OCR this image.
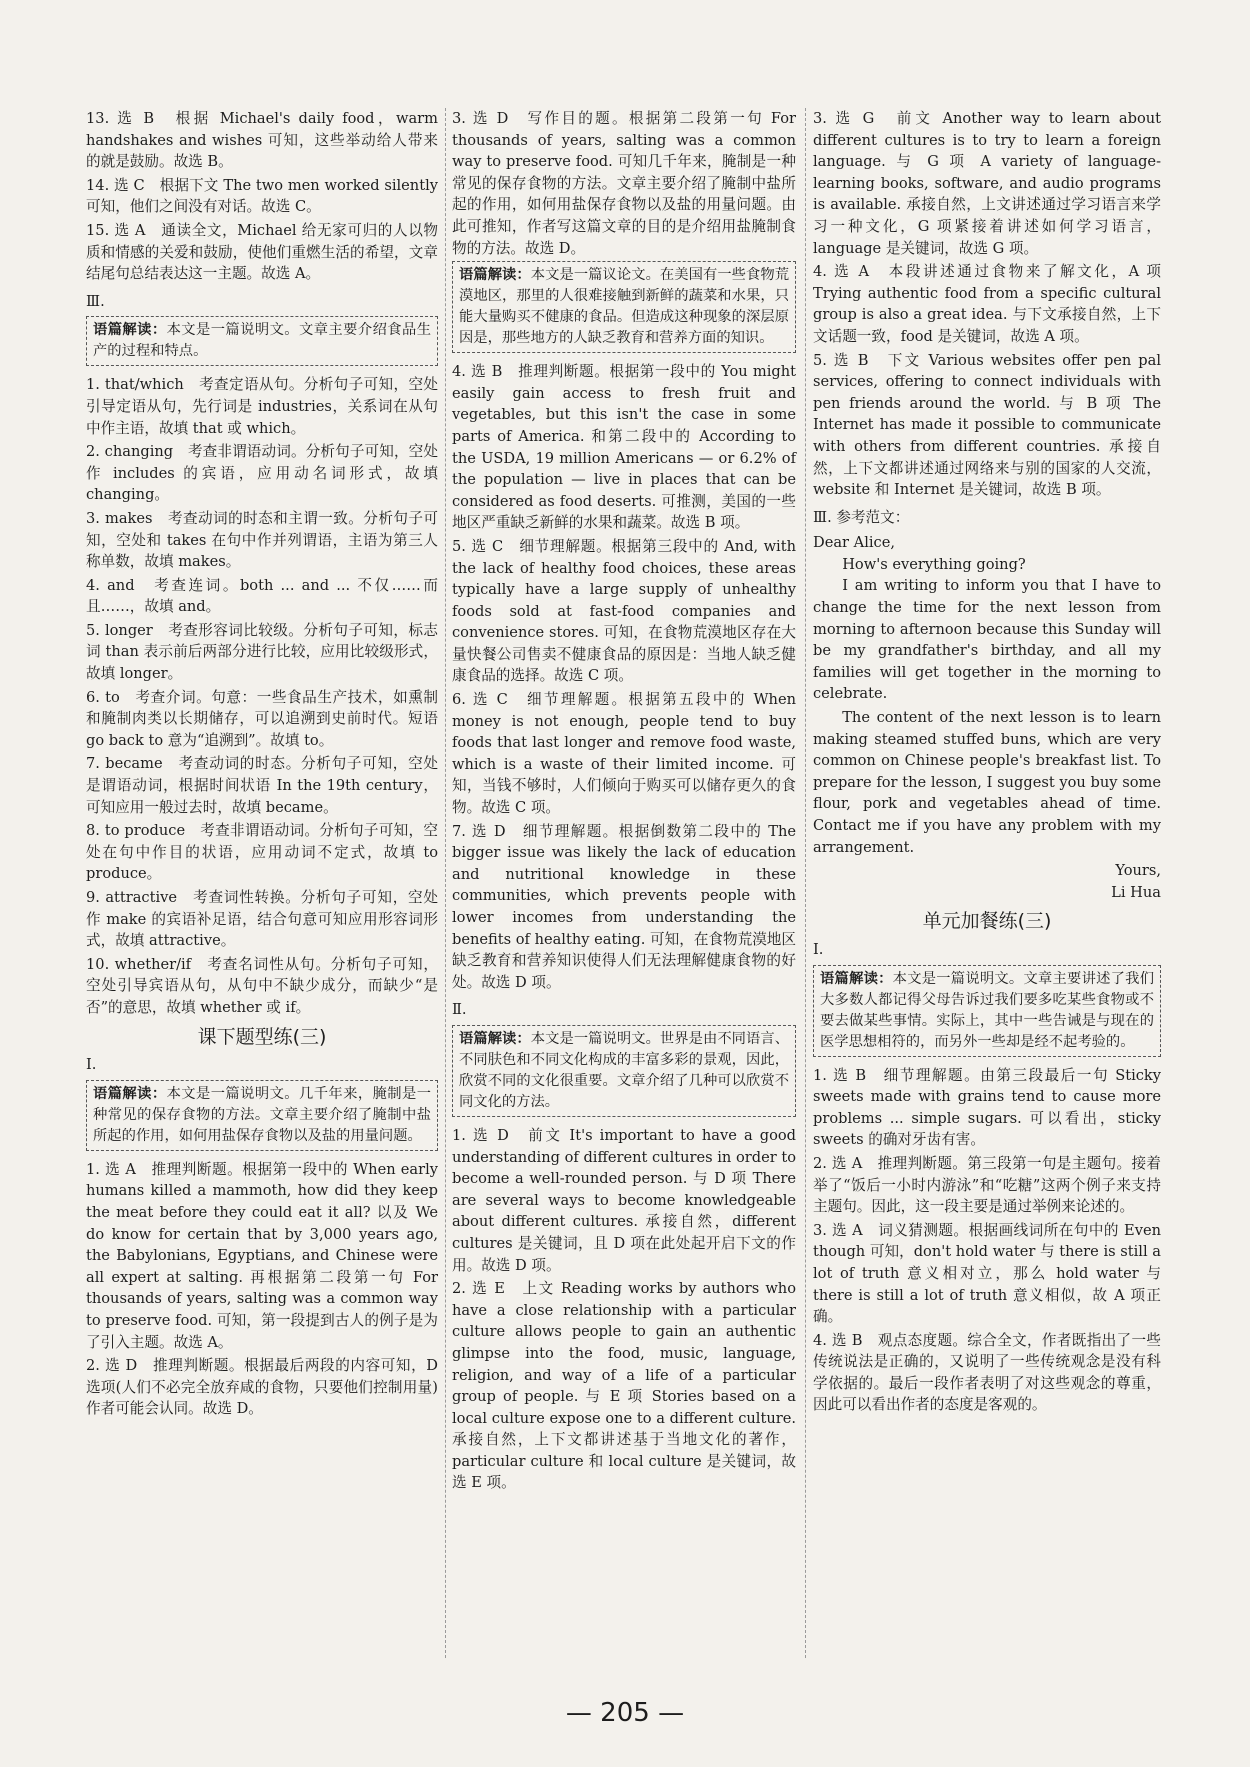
13. 选 B　根据 Michael's daily food，warm handshakes and wishes 可知，这些举动给人带来的就是鼓励。故选 B。
14. 选 C　根据下文 The two men worked silently 可知，他们之间没有对话。故选 C。
15. 选 A　通读全文，Michael 给无家可归的人以物质和情感的关爱和鼓励，使他们重燃生活的希望，文章结尾句总结表达这一主题。故选 A。
Ⅲ.
语篇解读：本文是一篇说明文。文章主要介绍食品生产的过程和特点。
1. that/which　考查定语从句。分析句子可知，空处引导定语从句，先行词是 industries，关系词在从句中作主语，故填 that 或 which。
2. changing　考查非谓语动词。分析句子可知，空处作 includes 的宾语，应用动名词形式，故填 changing。
3. makes　考查动词的时态和主谓一致。分析句子可知，空处和 takes 在句中作并列谓语，主语为第三人称单数，故填 makes。
4. and　考查连词。both ... and ... 不仅……而且……，故填 and。
5. longer　考查形容词比较级。分析句子可知，标志词 than 表示前后两部分进行比较，应用比较级形式，故填 longer。
6. to　考查介词。句意：一些食品生产技术，如熏制和腌制肉类以长期储存，可以追溯到史前时代。短语 go back to 意为“追溯到”。故填 to。
7. became　考查动词的时态。分析句子可知，空处是谓语动词，根据时间状语 In the 19th century，可知应用一般过去时，故填 became。
8. to produce　考查非谓语动词。分析句子可知，空处在句中作目的状语，应用动词不定式，故填 to produce。
9. attractive　考查词性转换。分析句子可知，空处作 make 的宾语补足语，结合句意可知应用形容词形式，故填 attractive。
10. whether/if　考查名词性从句。分析句子可知，空处引导宾语从句，从句中不缺少成分，而缺少“是否”的意思，故填 whether 或 if。
课下题型练(三)
Ⅰ.
语篇解读：本文是一篇说明文。几千年来，腌制是一种常见的保存食物的方法。文章主要介绍了腌制中盐所起的作用，如何用盐保存食物以及盐的用量问题。
1. 选 A　推理判断题。根据第一段中的 When early humans killed a mammoth, how did they keep the meat before they could eat it all? 以及 We do know for certain that by 3,000 years ago, the Babylonians, Egyptians, and Chinese were all expert at salting. 再根据第二段第一句 For thousands of years, salting was a common way to preserve food. 可知，第一段提到古人的例子是为了引入主题。故选 A。
2. 选 D　推理判断题。根据最后两段的内容可知，D 选项(人们不必完全放弃咸的食物，只要他们控制用量)作者可能会认同。故选 D。
3. 选 D　写作目的题。根据第二段第一句 For thousands of years, salting was a common way to preserve food. 可知几千年来，腌制是一种常见的保存食物的方法。文章主要介绍了腌制中盐所起的作用，如何用盐保存食物以及盐的用量问题。由此可推知，作者写这篇文章的目的是介绍用盐腌制食物的方法。故选 D。
语篇解读：本文是一篇议论文。在美国有一些食物荒漠地区，那里的人很难接触到新鲜的蔬菜和水果，只能大量购买不健康的食品。但造成这种现象的深层原因是，那些地方的人缺乏教育和营养方面的知识。
4. 选 B　推理判断题。根据第一段中的 You might easily gain access to fresh fruit and vegetables, but this isn't the case in some parts of America. 和第二段中的 According to the USDA, 19 million Americans — or 6.2% of the population — live in places that can be considered as food deserts. 可推测，美国的一些地区严重缺乏新鲜的水果和蔬菜。故选 B 项。
5. 选 C　细节理解题。根据第三段中的 And, with the lack of healthy food choices, these areas typically have a large supply of unhealthy foods sold at fast-food companies and convenience stores. 可知，在食物荒漠地区存在大量快餐公司售卖不健康食品的原因是：当地人缺乏健康食品的选择。故选 C 项。
6. 选 C　细节理解题。根据第五段中的 When money is not enough, people tend to buy foods that last longer and remove food waste, which is a waste of their limited income. 可知，当钱不够时，人们倾向于购买可以储存更久的食物。故选 C 项。
7. 选 D　细节理解题。根据倒数第二段中的 The bigger issue was likely the lack of education and nutritional knowledge in these communities, which prevents people with lower incomes from understanding the benefits of healthy eating. 可知，在食物荒漠地区缺乏教育和营养知识使得人们无法理解健康食物的好处。故选 D 项。
Ⅱ.
语篇解读：本文是一篇说明文。世界是由不同语言、不同肤色和不同文化构成的丰富多彩的景观，因此，欣赏不同的文化很重要。文章介绍了几种可以欣赏不同文化的方法。
1. 选 D　前文 It's important to have a good understanding of different cultures in order to become a well-rounded person. 与 D 项 There are several ways to become knowledgeable about different cultures. 承接自然，different cultures 是关键词，且 D 项在此处起开启下文的作用。故选 D 项。
2. 选 E　上文 Reading works by authors who have a close relationship with a particular culture allows people to gain an authentic glimpse into the food, music, language, religion, and way of a life of a particular group of people. 与 E 项 Stories based on a local culture expose one to a different culture. 承接自然，上下文都讲述基于当地文化的著作，particular culture 和 local culture 是关键词，故选 E 项。
3. 选 G　前文 Another way to learn about different cultures is to try to learn a foreign language. 与 G 项 A variety of language-learning books, software, and audio programs is available. 承接自然，上文讲述通过学习语言来学习一种文化，G 项紧接着讲述如何学习语言，language 是关键词，故选 G 项。
4. 选 A　本段讲述通过食物来了解文化，A 项 Trying authentic food from a specific cultural group is also a great idea. 与下文承接自然，上下文话题一致，food 是关键词，故选 A 项。
5. 选 B　下文 Various websites offer pen pal services, offering to connect individuals with pen friends around the world. 与 B 项 The Internet has made it possible to communicate with others from different countries. 承接自然，上下文都讲述通过网络来与别的国家的人交流，website 和 Internet 是关键词，故选 B 项。
Ⅲ. 参考范文：
Dear Alice,
How's everything going?
I am writing to inform you that I have to change the time for the next lesson from morning to afternoon because this Sunday will be my grandfather's birthday, and all my families will get together in the morning to celebrate.
The content of the next lesson is to learn making steamed stuffed buns, which are very common on Chinese people's breakfast list. To prepare for the lesson, I suggest you buy some flour, pork and vegetables ahead of time. Contact me if you have any problem with my arrangement.
Yours,
Li Hua
单元加餐练(三)
Ⅰ.
语篇解读：本文是一篇说明文。文章主要讲述了我们大多数人都记得父母告诉过我们要多吃某些食物或不要去做某些事情。实际上，其中一些告诫是与现在的医学思想相符的，而另外一些却是经不起考验的。
1. 选 B　细节理解题。由第三段最后一句 Sticky sweets made with grains tend to cause more problems ... simple sugars. 可以看出，sticky sweets 的确对牙齿有害。
2. 选 A　推理判断题。第三段第一句是主题句。接着举了“饭后一小时内游泳”和“吃糖”这两个例子来支持主题句。因此，这一段主要是通过举例来论述的。
3. 选 A　词义猜测题。根据画线词所在句中的 Even though 可知，don't hold water 与 there is still a lot of truth 意义相对立，那么 hold water 与 there is still a lot of truth 意义相似，故 A 项正确。
4. 选 B　观点态度题。综合全文，作者既指出了一些传统说法是正确的，又说明了一些传统观念是没有科学依据的。最后一段作者表明了对这些观念的尊重，因此可以看出作者的态度是客观的。
— 205 —
